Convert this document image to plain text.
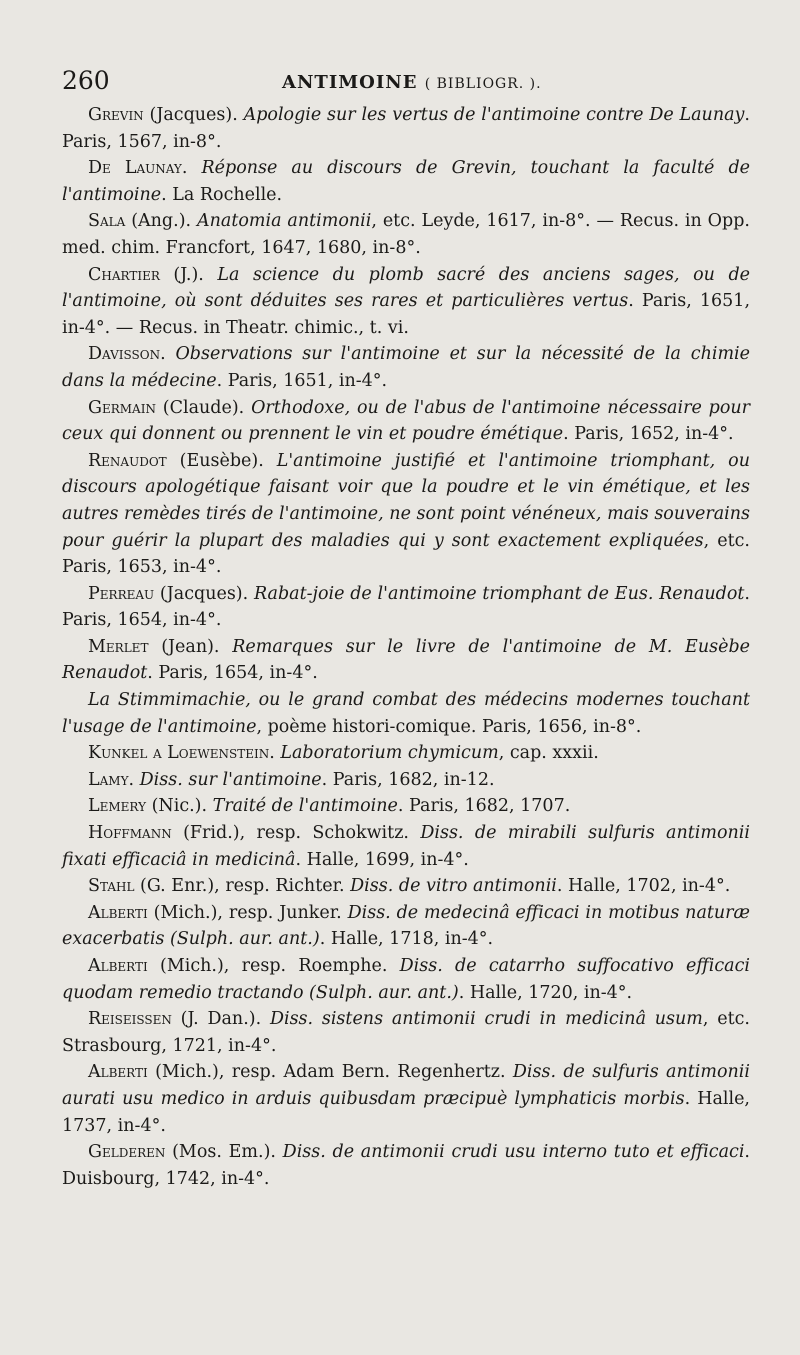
260	ANTIMOINE ( BIBLIOGR. ).

Grevin (Jacques). Apologie sur les vertus de l'antimoine contre De Launay. Paris, 1567, in-8°.

De Launay. Réponse au discours de Grevin, touchant la faculté de l'antimoine. La Rochelle.

Sala (Ang.). Anatomia antimonii, etc. Leyde, 1617, in-8°. — Recus. in Opp. med. chim. Francfort, 1647, 1680, in-8°.

Chartier (J.). La science du plomb sacré des anciens sages, ou de l'antimoine, où sont déduites ses rares et particulières vertus. Paris, 1651, in-4°. — Recus. in Theatr. chimic., t. vi.

Davisson. Observations sur l'antimoine et sur la nécessité de la chimie dans la médecine. Paris, 1651, in-4°.

Germain (Claude). Orthodoxe, ou de l'abus de l'antimoine nécessaire pour ceux qui donnent ou prennent le vin et poudre émétique. Paris, 1652, in-4°.

Renaudot (Eusèbe). L'antimoine justifié et l'antimoine triomphant, ou discours apologétique faisant voir que la poudre et le vin émétique, et les autres remèdes tirés de l'antimoine, ne sont point vénéneux, mais souverains pour guérir la plupart des maladies qui y sont exactement expliquées, etc. Paris, 1653, in-4°.

Perreau (Jacques). Rabat-joie de l'antimoine triomphant de Eus. Renaudot. Paris, 1654, in-4°.

Merlet (Jean). Remarques sur le livre de l'antimoine de M. Eusèbe Renaudot. Paris, 1654, in-4°.

La Stimmimachie, ou le grand combat des médecins modernes touchant l'usage de l'antimoine, poème histori-comique. Paris, 1656, in-8°.

Kunkel a Loewenstein. Laboratorium chymicum, cap. xxxii.

Lamy. Diss. sur l'antimoine. Paris, 1682, in-12.

Lemery (Nic.). Traité de l'antimoine. Paris, 1682, 1707.

Hoffmann (Frid.), resp. Schokwitz. Diss. de mirabili sulfuris antimonii fixati efficaciâ in medicinâ. Halle, 1699, in-4°.

Stahl (G. Enr.), resp. Richter. Diss. de vitro antimonii. Halle, 1702, in-4°.

Alberti (Mich.), resp. Junker. Diss. de medecinâ efficaci in motibus naturæ exacerbatis (Sulph. aur. ant.). Halle, 1718, in-4°.

Alberti (Mich.), resp. Roemphe. Diss. de catarrho suffocativo efficaci quodam remedio tractando (Sulph. aur. ant.). Halle, 1720, in-4°.

Reiseissen (J. Dan.). Diss. sistens antimonii crudi in medicinâ usum, etc. Strasbourg, 1721, in-4°.

Alberti (Mich.), resp. Adam Bern. Regenhertz. Diss. de sulfuris antimonii aurati usu medico in arduis quibusdam præcipuè lymphaticis morbis. Halle, 1737, in-4°.

Gelderen (Mos. Em.). Diss. de antimonii crudi usu interno tuto et efficaci. Duisbourg, 1742, in-4°.
